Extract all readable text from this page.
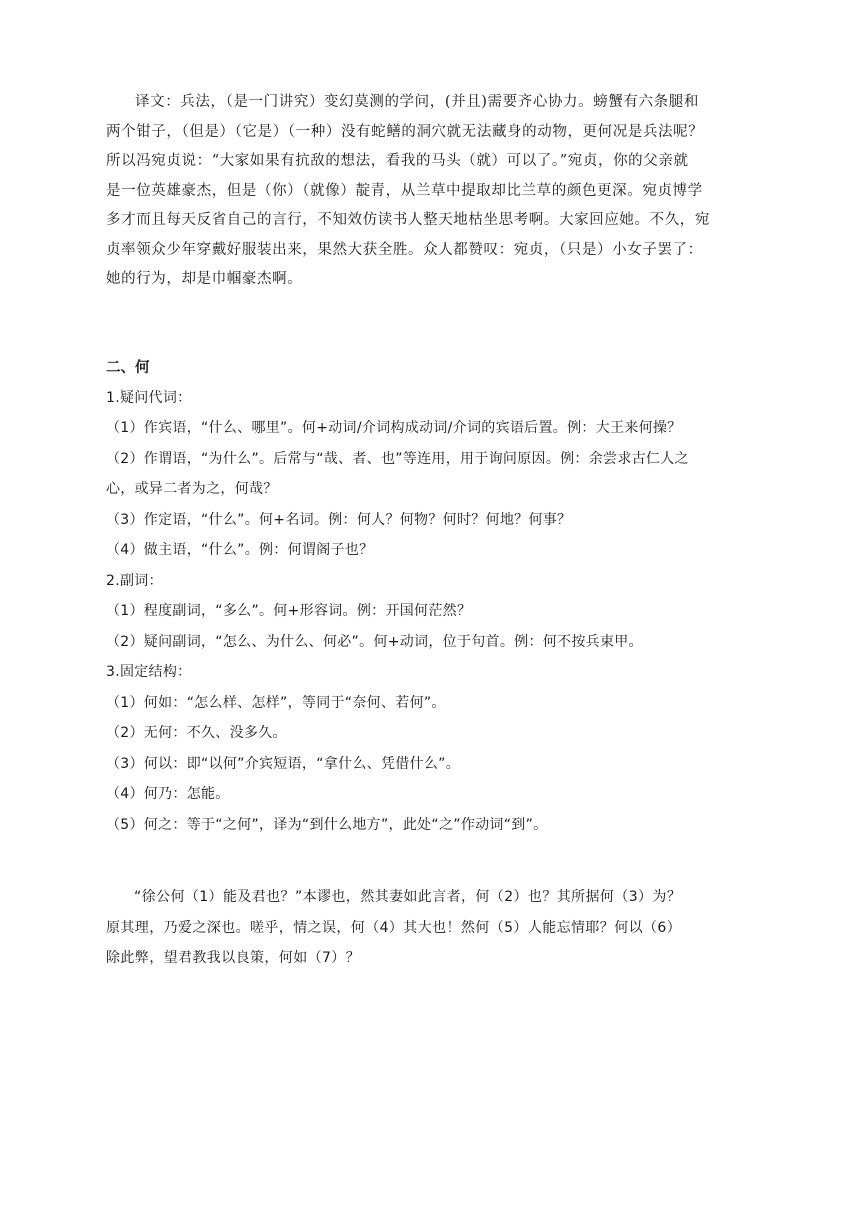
译文：兵法，（是一门讲究）变幻莫测的学问，(并且)需要齐心协力。螃蟹有六条腿和

两个钳子，（但是）（它是）（一种）没有蛇鳝的洞穴就无法藏身的动物，更何况是兵法呢？

所以冯宛贞说：“大家如果有抗敌的想法，看我的马头（就）可以了。”宛贞，你的父亲就

是一位英雄豪杰，但是（你）（就像）靛青，从兰草中提取却比兰草的颜色更深。宛贞博学

多才而且每天反省自己的言行，不知效仿读书人整天地枯坐思考啊。大家回应她。不久，宛

贞率领众少年穿戴好服装出来，果然大获全胜。众人都赞叹：宛贞，（只是）小女子罢了：

她的行为，却是巾帼豪杰啊。

二、何

1.疑问代词：

（1）作宾语，“什么、哪里”。何+动词/介词构成动词/介词的宾语后置。例：大王来何操？

（2）作谓语，“为什么”。后常与“哉、者、也”等连用，用于询问原因。例：余尝求古仁人之

心，或异二者为之，何哉？

（3）作定语，“什么”。何+名词。例：何人？何物？何时？何地？何事？

（4）做主语，“什么”。例：何谓阁子也？

2.副词：

（1）程度副词，“多么”。何+形容词。例：开国何茫然？

（2）疑问副词，“怎么、为什么、何必”。何+动词，位于句首。例：何不按兵束甲。

3.固定结构：

（1）何如：“怎么样、怎样”，等同于“奈何、若何”。

（2）无何：不久、没多久。

（3）何以：即“以何”介宾短语，“拿什么、凭借什么”。

（4）何乃：怎能。

（5）何之：等于“之何”，译为“到什么地方”，此处“之”作动词“到”。

“徐公何（1）能及君也？”本谬也，然其妻如此言者，何（2）也？其所据何（3）为？

原其理，乃爱之深也。嗟乎，情之误，何（4）其大也！然何（5）人能忘情耶？何以（6）

除此弊，望君教我以良策，何如（7）？
